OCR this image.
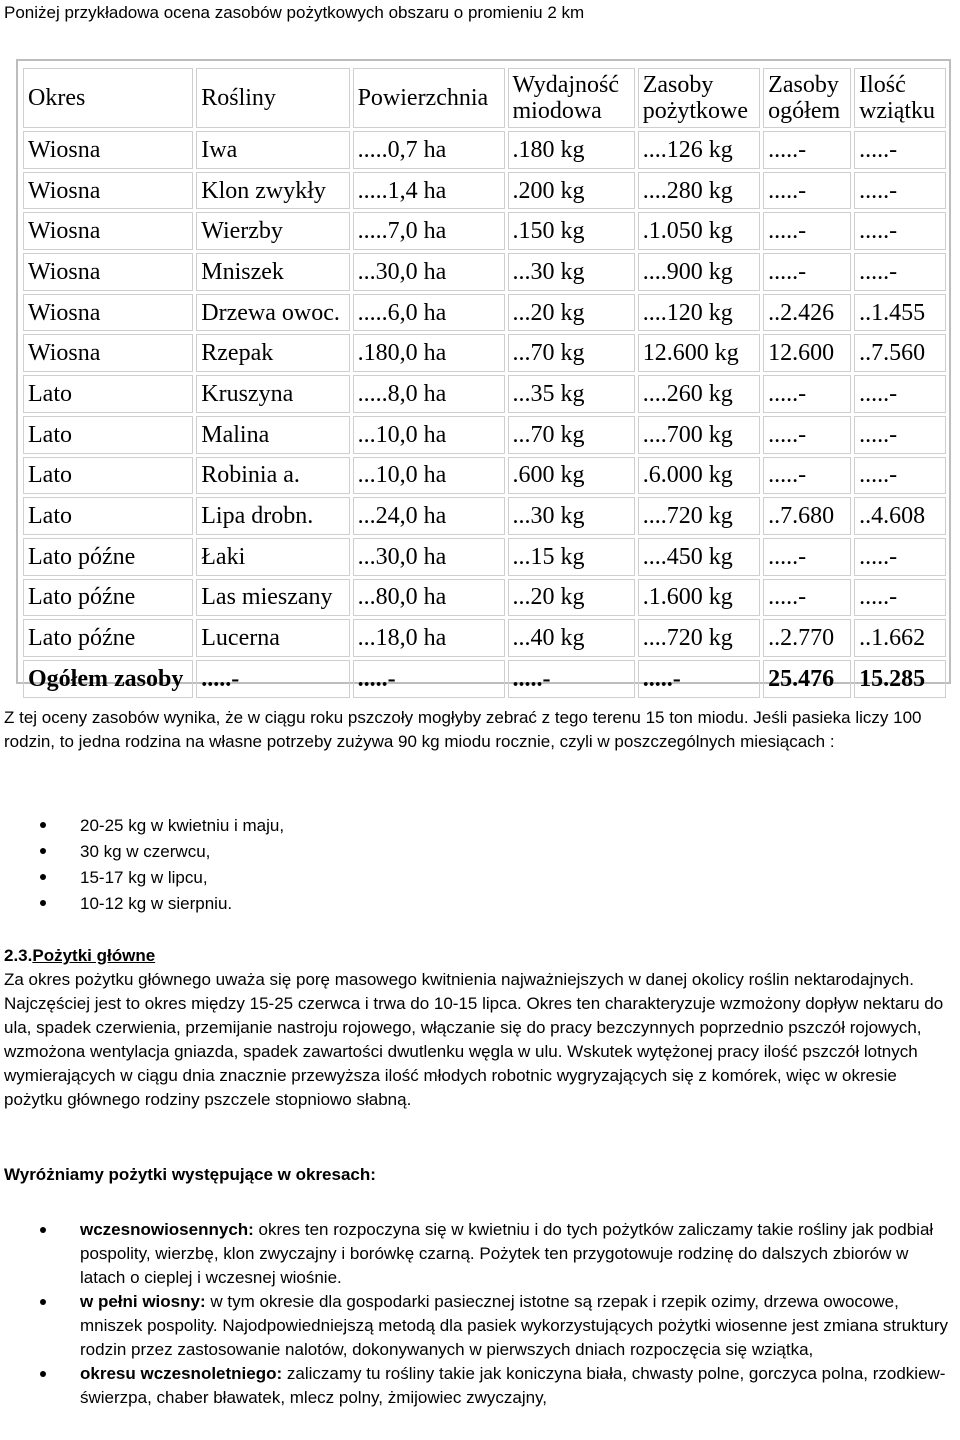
Poniżej przykładowa ocena zasobów pożytkowych obszaru o promieniu 2 km
Okres	Rośliny	Powierzchnia	Wydajność miodowa	Zasoby pożytkowe	Zasoby ogółem	Ilość wziątku
Wiosna	Iwa	.....0,7 ha	.180 kg	....126 kg	.....-	.....-
Wiosna	Klon zwykły	.....1,4 ha	.200 kg	....280 kg	.....-	.....-
Wiosna	Wierzby	.....7,0 ha	.150 kg	.1.050 kg	.....-	.....-
Wiosna	Mniszek	...30,0 ha	...30 kg	....900 kg	.....-	.....-
Wiosna	Drzewa owoc.	.....6,0 ha	...20 kg	....120 kg	..2.426	..1.455
Wiosna	Rzepak	.180,0 ha	...70 kg	12.600 kg	12.600	..7.560
Lato	Kruszyna	.....8,0 ha	...35 kg	....260 kg	.....-	.....-
Lato	Malina	...10,0 ha	...70 kg	....700 kg	.....-	.....-
Lato	Robinia a.	...10,0 ha	.600 kg	.6.000 kg	.....-	.....-
Lato	Lipa drobn.	...24,0 ha	...30 kg	....720 kg	..7.680	..4.608
Lato późne	Łaki	...30,0 ha	...15 kg	....450 kg	.....-	.....-
Lato późne	Las mieszany	...80,0 ha	...20 kg	.1.600 kg	.....-	.....-
Lato późne	Lucerna	...18,0 ha	...40 kg	....720 kg	..2.770	..1.662
Ogółem zasoby	.....-	.....-	.....-	.....-	25.476	15.285

Z tej oceny zasobów wynika, że w ciągu roku pszczoły mogłyby zebrać z tego terenu 15 ton miodu. Jeśli pasieka liczy 100 rodzin, to jedna rodzina na własne potrzeby zużywa 90 kg miodu rocznie, czyli w poszczególnych miesiącach :

20-25 kg w kwietniu i maju,
30 kg w czerwcu,
15-17 kg w lipcu,
10-12 kg w sierpniu.

2.3.Pożytki główne

Za okres pożytku głównego uważa się porę masowego kwitnienia najważniejszych w danej okolicy roślin nektarodajnych. Najczęściej jest to okres między 15-25 czerwca i trwa do 10-15 lipca. Okres ten charakteryzuje wzmożony dopływ nektaru do ula, spadek czerwienia, przemijanie nastroju rojowego, włączanie się do pracy bezczynnych poprzednio pszczół rojowych, wzmożona wentylacja gniazda, spadek zawartości dwutlenku węgla w ulu. Wskutek wytężonej pracy ilość pszczół lotnych wymierających w ciągu dnia znacznie przewyższa ilość młodych robotnic wygryzających się z komórek, więc w okresie pożytku głównego rodziny pszczele stopniowo słabną.

Wyróżniamy pożytki występujące w okresach:

wczesnowiosennych: okres ten rozpoczyna się w kwietniu i do tych pożytków zaliczamy takie rośliny jak podbiał pospolity, wierzbę, klon zwyczajny i borówkę czarną. Pożytek ten przygotowuje rodzinę do dalszych zbiorów w latach o cieplej i wczesnej wiośnie.
w pełni wiosny: w tym okresie dla gospodarki pasiecznej istotne są rzepak i rzepik ozimy, drzewa owocowe, mniszek pospolity. Najodpowiedniejszą metodą dla pasiek wykorzystujących pożytki wiosenne jest zmiana struktury rodzin przez zastosowanie nalotów, dokonywanych w pierwszych dniach rozpoczęcia się wziątka,
okresu wczesnoletniego: zaliczamy tu rośliny takie jak koniczyna biała, chwasty polne, gorczyca polna, rzodkiew- świerzpa, chaber bławatek, mlecz polny, żmijowiec zwyczajny,
